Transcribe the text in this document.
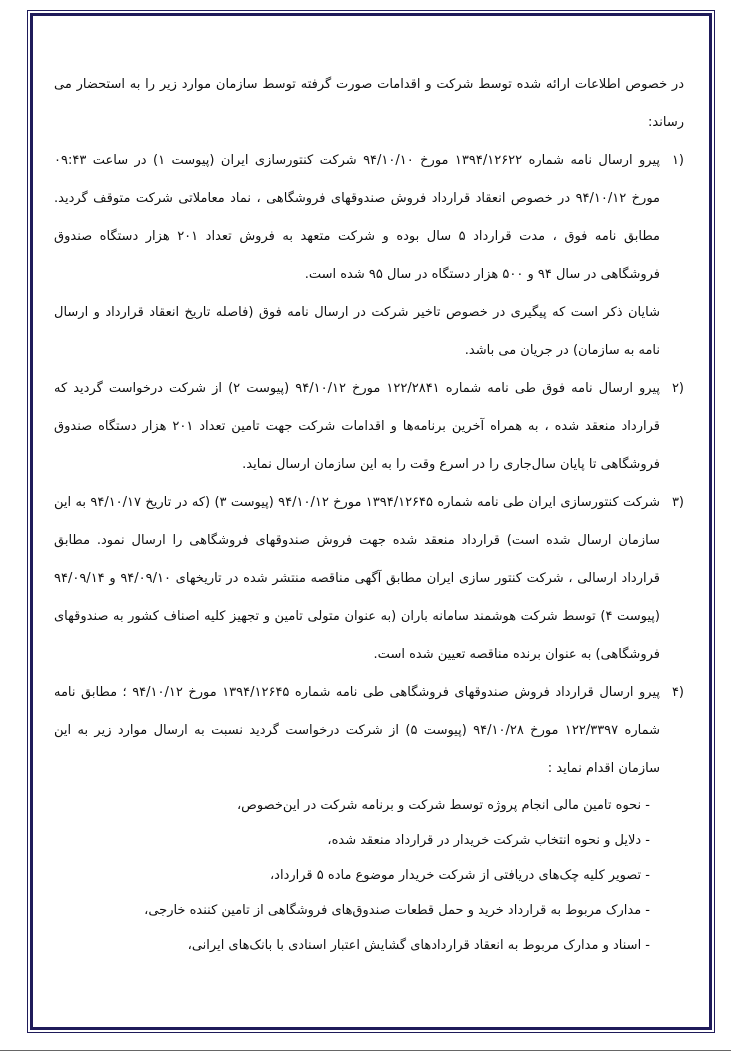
در خصوص اطلاعات ارائه شده توسط شرکت و اقدامات صورت گرفته توسط سازمان موارد زیر را به استحضار می رساند:

(۱

پیرو ارسال نامه شماره ۱۳۹۴/۱۲۶۲۲ مورخ ۹۴/۱۰/۱۰ شرکت کنتورسازی ایران (پیوست ۱) در ساعت ۰۹:۴۳ مورخ ۹۴/۱۰/۱۲ در خصوص انعقاد قرارداد فروش صندوقهای فروشگاهی ، نماد معاملاتی شرکت متوقف گردید. مطابق نامه فوق ، مدت قرارداد ۵ سال بوده و شرکت متعهد به فروش تعداد ۲۰۱ هزار دستگاه صندوق فروشگاهی در سال ۹۴ و ۵۰۰ هزار دستگاه در سال ۹۵ شده است.

شایان ذکر است که پیگیری در خصوص تاخیر شرکت در ارسال نامه فوق (فاصله تاریخ انعقاد قرارداد و ارسال نامه به سازمان) در جریان می باشد.

(۲

پیرو ارسال نامه فوق طی نامه شماره ۱۲۲/۲۸۴۱ مورخ ۹۴/۱۰/۱۲ (پیوست ۲) از شرکت درخواست گردید که قرارداد منعقد شده ، به همراه آخرین برنامه‌ها و اقدامات شرکت جهت تامین تعداد ۲۰۱ هزار دستگاه صندوق فروشگاهی تا پایان سال‌جاری را در اسرع وقت را به این سازمان ارسال نماید.

(۳

شرکت کنتورسازی ایران طی نامه شماره ۱۳۹۴/۱۲۶۴۵ مورخ ۹۴/۱۰/۱۲ (پیوست ۳) (که در تاریخ ۹۴/۱۰/۱۷ به این سازمان ارسال شده است) قرارداد منعقد شده جهت فروش صندوقهای فروشگاهی را ارسال نمود. مطابق قرارداد ارسالی ، شرکت کنتور سازی ایران مطابق آگهی مناقصه منتشر شده در تاریخهای ۹۴/۰۹/۱۰ و ۹۴/۰۹/۱۴ (پیوست ۴) توسط شرکت هوشمند سامانه باران (به عنوان متولی تامین و تجهیز کلیه اصناف کشور به صندوقهای فروشگاهی) به عنوان برنده مناقصه تعیین شده است.

(۴

پیرو ارسال قرارداد فروش صندوقهای فروشگاهی طی نامه شماره ۱۳۹۴/۱۲۶۴۵ مورخ ۹۴/۱۰/۱۲ ؛ مطابق نامه شماره ۱۲۲/۳۳۹۷ مورخ ۹۴/۱۰/۲۸ (پیوست ۵) از شرکت درخواست گردید نسبت به ارسال موارد زیر به این سازمان اقدام نماید :

- نحوه تامین مالی انجام پروژه توسط شرکت و برنامه شرکت در این‌خصوص،
- دلایل و نحوه انتخاب شرکت خریدار در قرارداد منعقد شده،
- تصویر کلیه چک‌های دریافتی از شرکت خریدار موضوع ماده ۵ قرارداد،
- مدارک مربوط به قرارداد خرید و حمل قطعات صندوق‌های فروشگاهی از تامین کننده خارجی،
- اسناد و مدارک مربوط به انعقاد قراردادهای گشایش اعتبار اسنادی با بانک‌های ایرانی،
